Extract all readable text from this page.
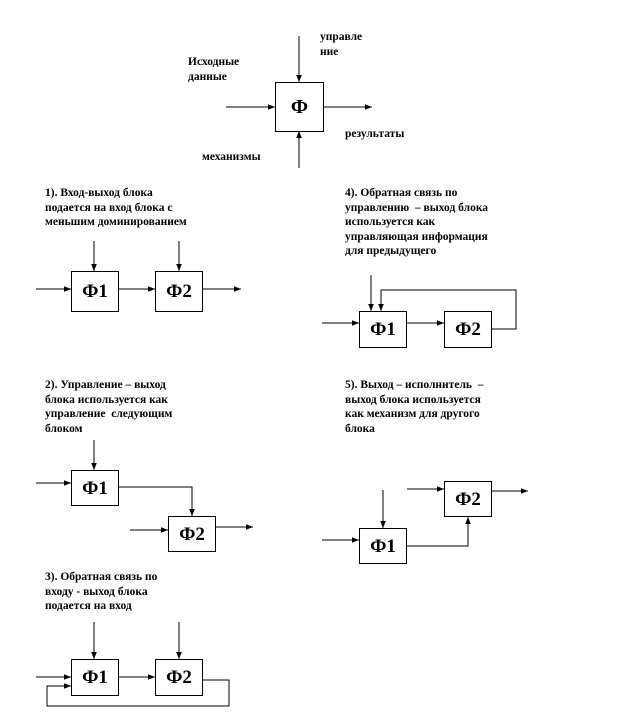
Ф
Исходные
данные
управле
ние
результаты
механизмы
1). Вход-выход блока
подается на вход блока с
меньшим доминированием
Ф1	Ф2
2). Управление – выход
блока используется как
управление  следующим
блоком
Ф1
Ф2
3). Обратная связь по
входу - выход блока
подается на вход
Ф1	Ф2
4). Обратная связь по
управлению  – выход блока
используется как
управляющая информация
для предыдущего
Ф1	Ф2
5). Выход – исполнитель  –
выход блока используется
как механизм для другого
блока
Ф1
Ф2
